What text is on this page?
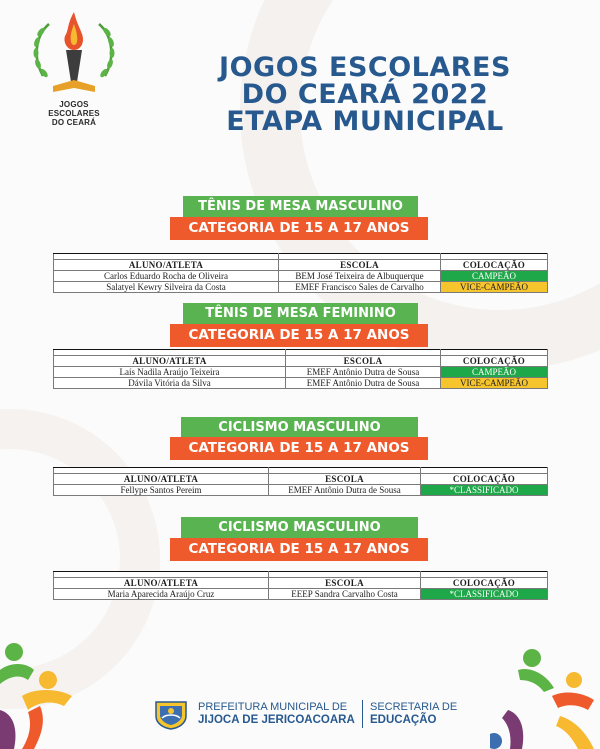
JOGOS
ESCOLARES
DO CEARÁ
JOGOS ESCOLARES
DO CEARÁ 2022
ETAPA MUNICIPAL
TÊNIS DE MESA MASCULINO
CATEGORIA DE 15 A 17 ANOS

ALUNO/ATLETA	ESCOLA	COLOCAÇÃO
Carlos Eduardo Rocha de Oliveira	BEM José Teixeira de Albuquerque	CAMPEÃO
Salatyel Kewry Silveira da Costa	EMEF Francisco Sales de Carvalho	VICE-CAMPEÃO
TÊNIS DE MESA FEMININO
CATEGORIA DE 15 A 17 ANOS

ALUNO/ATLETA	ESCOLA	COLOCAÇÃO
Laís Nadila Araújo Teixeira	EMEF Antônio Dutra de Sousa	CAMPEÃO
Dávila Vitória da Silva	EMEF Antônio Dutra de Sousa	VICE-CAMPEÃO
CICLISMO MASCULINO
CATEGORIA DE 15 A 17 ANOS

ALUNO/ATLETA	ESCOLA	COLOCAÇÃO
Fellype Santos Pereim	EMEF Antônio Dutra de Sousa	*CLASSIFICADO
CICLISMO MASCULINO
CATEGORIA DE 15 A 17 ANOS

ALUNO/ATLETA	ESCOLA	COLOCAÇÃO
Maria Aparecida Araújo Cruz	EEEP Sandra Carvalho Costa	*CLASSIFICADO
PREFEITURA MUNICIPAL DE
JIJOCA DE JERICOACOARA
SECRETARIA DE
EDUCAÇÃO
